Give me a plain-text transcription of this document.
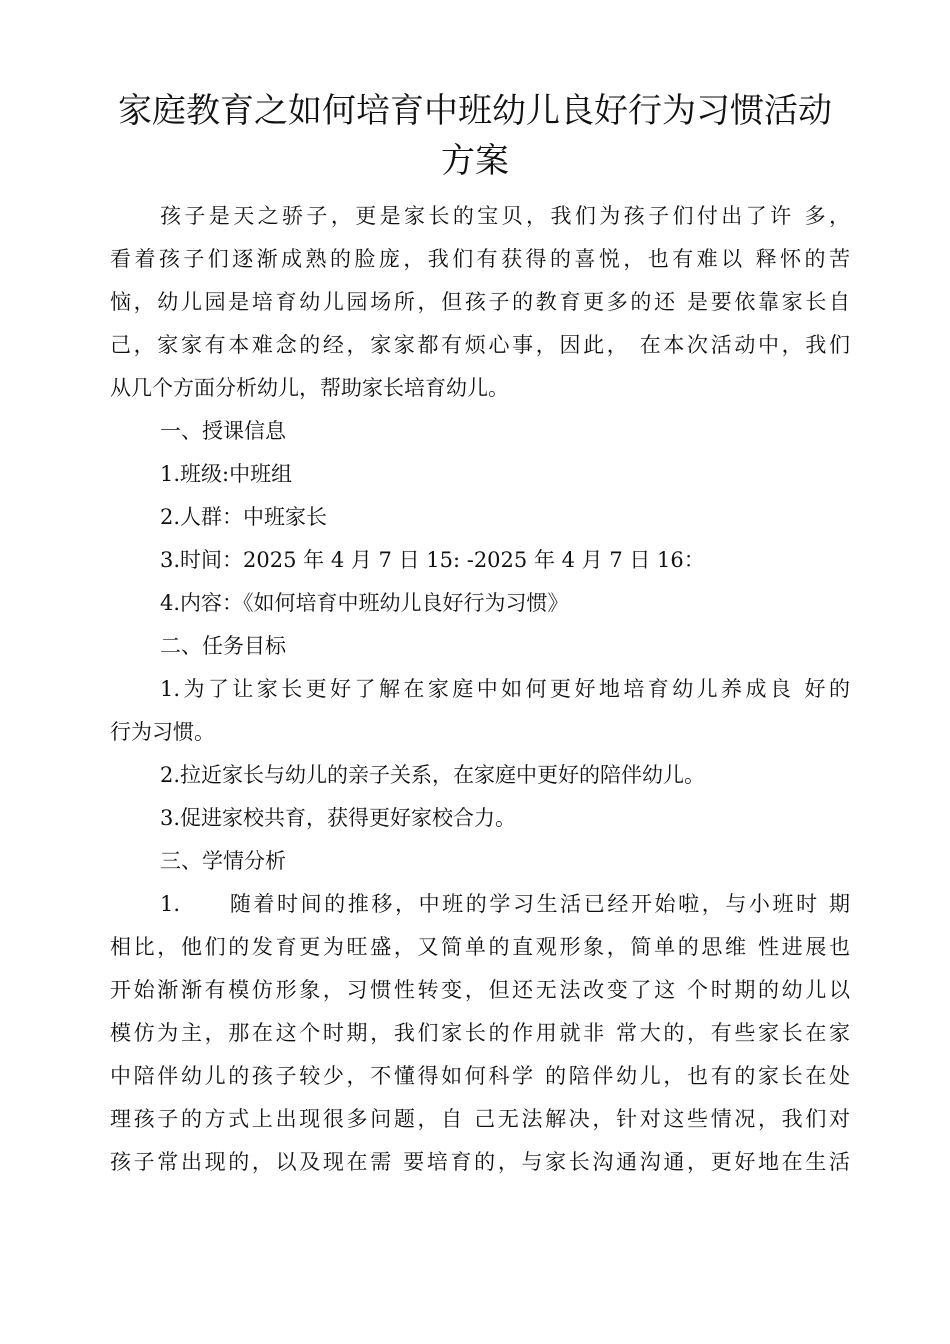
家庭教育之如何培育中班幼儿良好行为习惯活动
方案
孩子是天之骄子，更是家长的宝贝，我们为孩子们付出了许 多，
看着孩子们逐渐成熟的脸庞，我们有获得的喜悦，也有难以 释怀的苦
恼，幼儿园是培育幼儿园场所，但孩子的教育更多的还 是要依靠家长自
己，家家有本难念的经，家家都有烦心事，因此， 在本次活动中，我们
从几个方面分析幼儿，帮助家长培育幼儿。

一、授课信息

1.班级:中班组

2.人群：中班家长

3.时间：2025 年 4 月 7 日 15: -2025 年 4 月 7 日 16：

4.内容：《如何培育中班幼儿良好行为习惯》

二、任务目标

1.为了让家长更好了解在家庭中如何更好地培育幼儿养成良 好的
行为习惯。

2.拉近家长与幼儿的亲子关系，在家庭中更好的陪伴幼儿。

3.促进家校共育，获得更好家校合力。

三、学情分析

1.　　随着时间的推移，中班的学习生活已经开始啦，与小班时 期
相比，他们的发育更为旺盛，又简单的直观形象，简单的思维 性进展也
开始渐渐有模仿形象，习惯性转变，但还无法改变了这 个时期的幼儿以
模仿为主，那在这个时期，我们家长的作用就非 常大的，有些家长在家
中陪伴幼儿的孩子较少，不懂得如何科学 的陪伴幼儿，也有的家长在处
理孩子的方式上出现很多问题，自 己无法解决，针对这些情况，我们对
孩子常出现的，以及现在需 要培育的，与家长沟通沟通，更好地在生活
